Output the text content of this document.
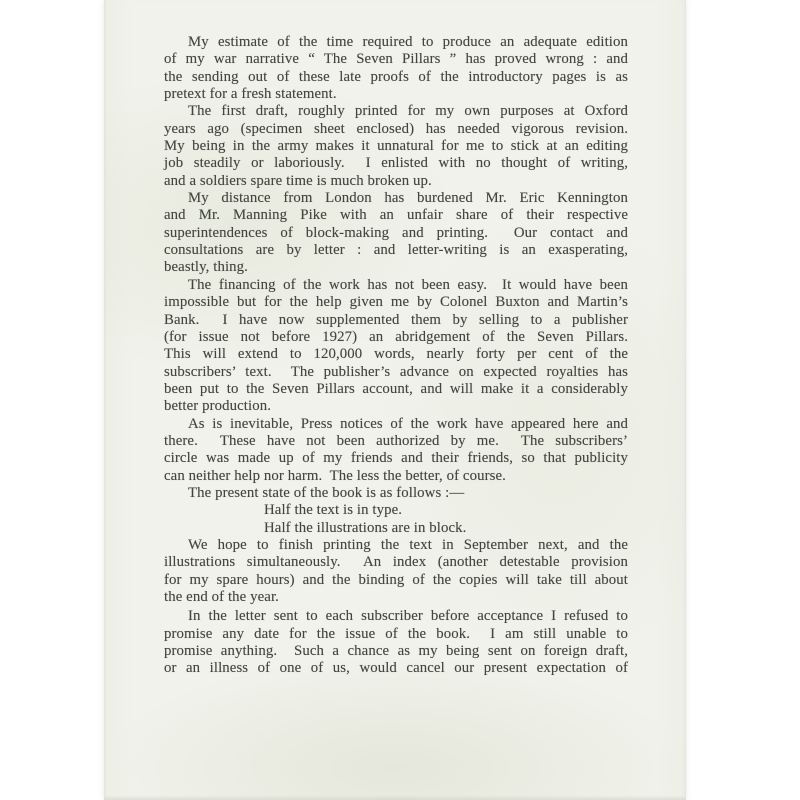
My estimate of the time required to produce an adequate edition
of my war narrative “ The Seven Pillars ” has proved wrong : and
the sending out of these late proofs of the introductory pages is as
pretext for a fresh statement.
The first draft, roughly printed for my own purposes at Oxford
years ago (specimen sheet enclosed) has needed vigorous revision.
My being in the army makes it unnatural for me to stick at an editing
job steadily or laboriously.  I enlisted with no thought of writing,
and a soldiers spare time is much broken up.
My distance from London has burdened Mr. Eric Kennington
and Mr. Manning Pike with an unfair share of their respective
superintendences of block-making and printing.  Our contact and
consultations are by letter : and letter-writing is an exasperating,
beastly, thing.
The financing of the work has not been easy.  It would have been
impossible but for the help given me by Colonel Buxton and Martin’s
Bank.  I have now supplemented them by selling to a publisher
(for issue not before 1927) an abridgement of the Seven Pillars.
This will extend to 120,000 words, nearly forty per cent of the
subscribers’ text.  The publisher’s advance on expected royalties has
been put to the Seven Pillars account, and will make it a considerably
better production.
As is inevitable, Press notices of the work have appeared here and
there.  These have not been authorized by me.  The subscribers’
circle was made up of my friends and their friends, so that publicity
can neither help nor harm.  The less the better, of course.
The present state of the book is as follows :—
Half the text is in type.
Half the illustrations are in block.
We hope to finish printing the text in September next, and the
illustrations simultaneously.  An index (another detestable provision
for my spare hours) and the binding of the copies will take till about
the end of the year.
In the letter sent to each subscriber before acceptance I refused to
promise any date for the issue of the book.  I am still unable to
promise anything.  Such a chance as my being sent on foreign draft,
or an illness of one of us, would cancel our present expectation of
